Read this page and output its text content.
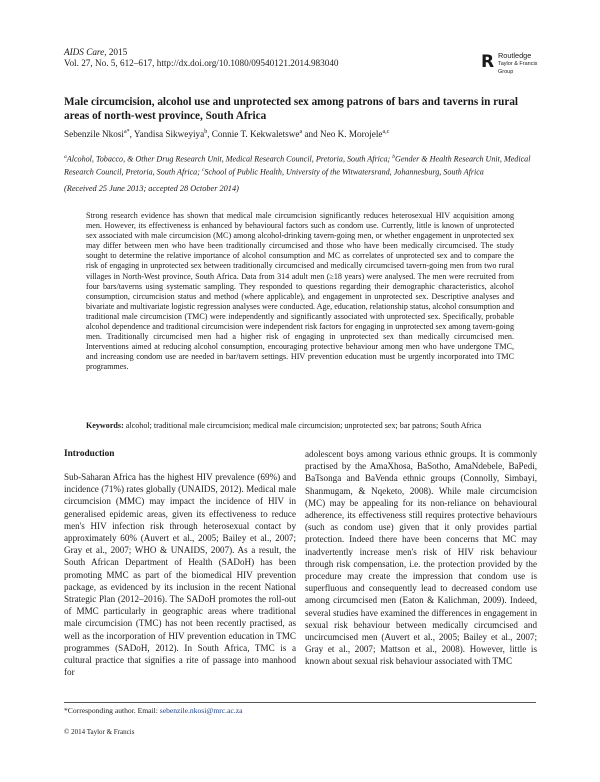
AIDS Care, 2015
Vol. 27, No. 5, 612–617, http://dx.doi.org/10.1080/09540121.2014.983040	R Routledge
Taylor & Francis Group
Male circumcision, alcohol use and unprotected sex among patrons of bars and taverns in rural areas of north-west province, South Africa
Sebenzile Nkosi$^{a*}$, Yandisa Sikweyiya$^b$, Connie T. Kekwaletswe$^a$ and Neo K. Morojele$^{a,c}$
$^a$Alcohol, Tobacco, & Other Drug Research Unit, Medical Research Council, Pretoria, South Africa; $^b$Gender & Health Research Unit, Medical Research Council, Pretoria, South Africa; $^c$School of Public Health, University of the Witwatersrand, Johannesburg, South Africa
(Received 25 June 2013; accepted 28 October 2014)
Strong research evidence has shown that medical male circumcision significantly reduces heterosexual HIV acquisition among men. However, its effectiveness is enhanced by behavioural factors such as condom use. Currently, little is known of unprotected sex associated with male circumcision (MC) among alcohol-drinking tavern-going men, or whether engagement in unprotected sex may differ between men who have been traditionally circumcised and those who have been medically circumcised. The study sought to determine the relative importance of alcohol consumption and MC as correlates of unprotected sex and to compare the risk of engaging in unprotected sex between traditionally circumcised and medically circumcised tavern-going men from two rural villages in North-West province, South Africa. Data from 314 adult men (≥18 years) were analysed. The men were recruited from four bars/taverns using systematic sampling. They responded to questions regarding their demographic characteristics, alcohol consumption, circumcision status and method (where applicable), and engagement in unprotected sex. Descriptive analyses and bivariate and multivariate logistic regression analyses were conducted. Age, education, relationship status, alcohol consumption and traditional male circumcision (TMC) were independently and significantly associated with unprotected sex. Specifically, probable alcohol dependence and traditional circumcision were independent risk factors for engaging in unprotected sex among tavern-going men. Traditionally circumcised men had a higher risk of engaging in unprotected sex than medically circumcised men. Interventions aimed at reducing alcohol consumption, encouraging protective behaviour among men who have undergone TMC, and increasing condom use are needed in bar/tavern settings. HIV prevention education must be urgently incorporated into TMC programmes.
Keywords: alcohol; traditional male circumcision; medical male circumcision; unprotected sex; bar patrons; South Africa
Introduction

Sub-Saharan Africa has the highest HIV prevalence (69%) and incidence (71%) rates globally (UNAIDS, 2012). Medical male circumcision (MMC) may impact the incidence of HIV in generalised epidemic areas, given its effectiveness to reduce men's HIV infection risk through heterosexual contact by approximately 60% (Auvert et al., 2005; Bailey et al., 2007; Gray et al., 2007; WHO & UNAIDS, 2007). As a result, the South African Department of Health (SADoH) has been promoting MMC as part of the biomedical HIV prevention package, as evidenced by its inclusion in the recent National Strategic Plan (2012–2016). The SADoH promotes the roll-out of MMC particularly in geographic areas where traditional male circumcision (TMC) has not been recently practised, as well as the incorporation of HIV prevention education in TMC programmes (SADoH, 2012). In South Africa, TMC is a cultural practice that signifies a rite of passage into manhood for

adolescent boys among various ethnic groups. It is commonly practised by the AmaXhosa, BaSotho, AmaNdebele, BaPedi, BaTsonga and BaVenda ethnic groups (Connolly, Simbayi, Shanmugam, & Nqeketo, 2008). While male circumcision (MC) may be appealing for its non-reliance on behavioural adherence, its effectiveness still requires protective behaviours (such as condom use) given that it only provides partial protection. Indeed there have been concerns that MC may inadvertently increase men's risk of HIV risk behaviour through risk compensation, i.e. the protection provided by the procedure may create the impression that condom use is superfluous and consequently lead to decreased condom use among circumcised men (Eaton & Kalichman, 2009). Indeed, several studies have examined the differences in engagement in sexual risk behaviour between medically circumcised and uncircumcised men (Auvert et al., 2005; Bailey et al., 2007; Gray et al., 2007; Mattson et al., 2008). However, little is known about sexual risk behaviour associated with TMC

*Corresponding author. Email: sebenzile.nkosi@mrc.ac.za
© 2014 Taylor & Francis
